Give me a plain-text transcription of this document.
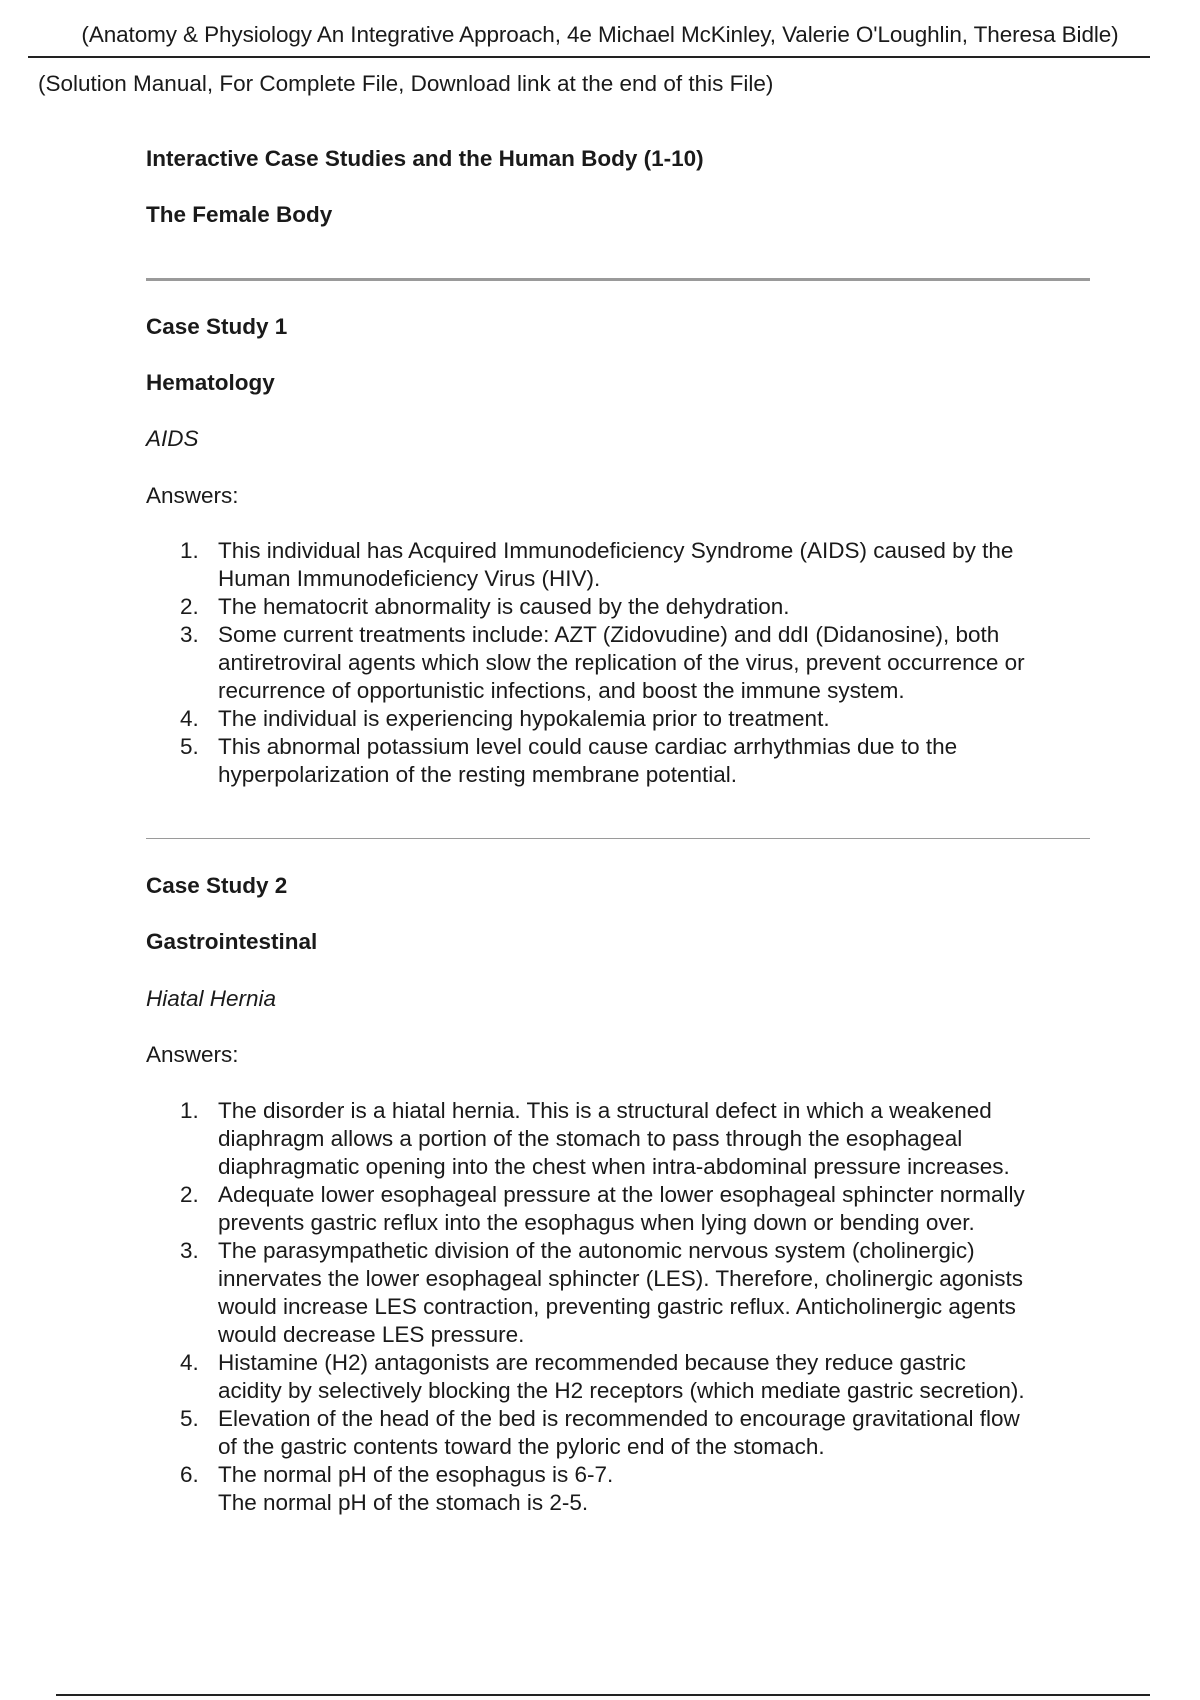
(Anatomy & Physiology An Integrative Approach, 4e Michael McKinley, Valerie O'Loughlin, Theresa Bidle)
(Solution Manual, For Complete File, Download link at the end of this File)
Interactive Case Studies and the Human Body (1-10)
The Female Body
Case Study 1
Hematology
AIDS
Answers:
1. This individual has Acquired Immunodeficiency Syndrome (AIDS) caused by the
Human Immunodeficiency Virus (HIV).
2. The hematocrit abnormality is caused by the dehydration.
3. Some current treatments include: AZT (Zidovudine) and ddI (Didanosine), both
antiretroviral agents which slow the replication of the virus, prevent occurrence or
recurrence of opportunistic infections, and boost the immune system.
4. The individual is experiencing hypokalemia prior to treatment.
5. This abnormal potassium level could cause cardiac arrhythmias due to the
hyperpolarization of the resting membrane potential.
Case Study 2
Gastrointestinal
Hiatal Hernia
Answers:
1. The disorder is a hiatal hernia. This is a structural defect in which a weakened
diaphragm allows a portion of the stomach to pass through the esophageal
diaphragmatic opening into the chest when intra-abdominal pressure increases.
2. Adequate lower esophageal pressure at the lower esophageal sphincter normally
prevents gastric reflux into the esophagus when lying down or bending over.
3. The parasympathetic division of the autonomic nervous system (cholinergic)
innervates the lower esophageal sphincter (LES). Therefore, cholinergic agonists
would increase LES contraction, preventing gastric reflux. Anticholinergic agents
would decrease LES pressure.
4. Histamine (H2) antagonists are recommended because they reduce gastric
acidity by selectively blocking the H2 receptors (which mediate gastric secretion).
5. Elevation of the head of the bed is recommended to encourage gravitational flow
of the gastric contents toward the pyloric end of the stomach.
6. The normal pH of the esophagus is 6-7.
The normal pH of the stomach is 2-5.
